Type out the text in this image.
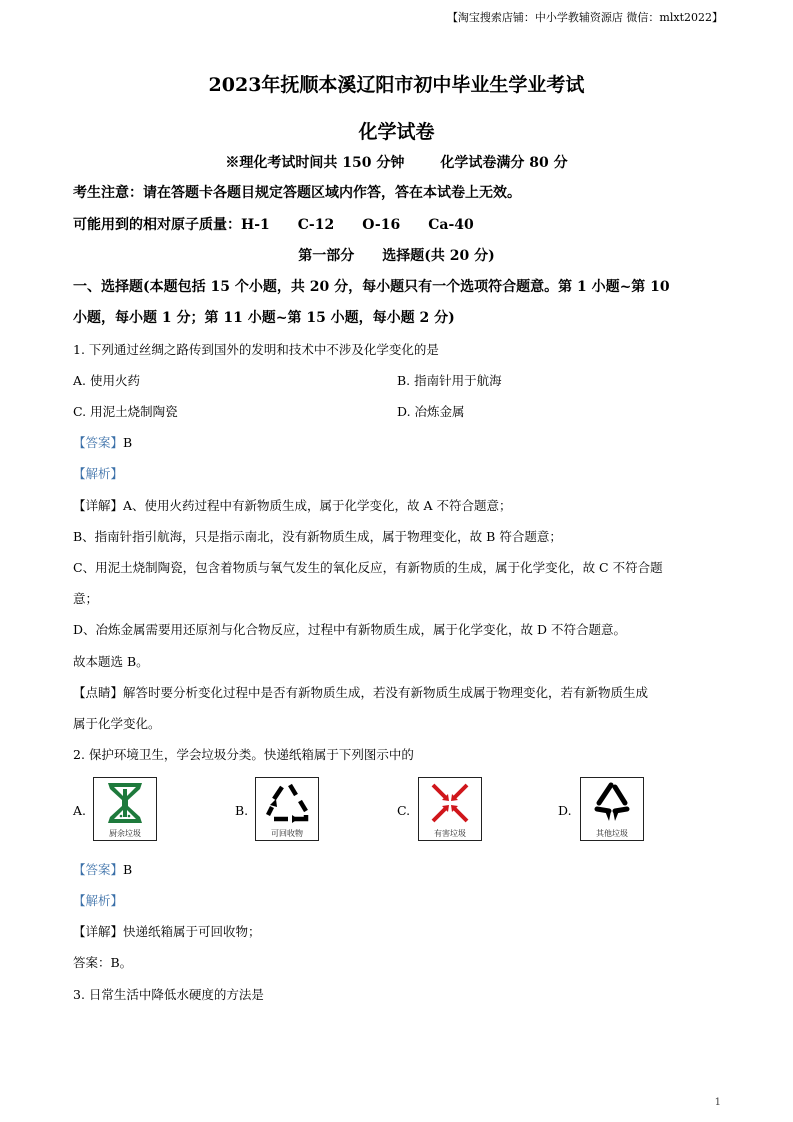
【淘宝搜索店铺：中小学教辅资源店 微信：mlxt2022】
2023年抚顺本溪辽阳市初中毕业生学业考试
化学试卷
※理化考试时间共 150 分钟	化学试卷满分 80 分
考生注意：请在答题卡各题目规定答题区域内作答，答在本试卷上无效。
可能用到的相对原子质量：H-1 C-12 O-16 Ca-40
第一部分 选择题(共 20 分)
一、选择题(本题包括 15 个小题，共 20 分，每小题只有一个选项符合题意。第 1 小题~第 10
小题，每小题 1 分；第 11 小题~第 15 小题，每小题 2 分)
1. 下列通过丝绸之路传到国外的发明和技术中不涉及化学变化的是
A. 使用火药	B. 指南针用于航海
C. 用泥土烧制陶瓷	D. 冶炼金属
【答案】B
【解析】
【详解】A、使用火药过程中有新物质生成，属于化学变化，故 A 不符合题意；
B、指南针指引航海，只是指示南北，没有新物质生成，属于物理变化，故 B 符合题意；
C、用泥土烧制陶瓷，包含着物质与氧气发生的氧化反应，有新物质的生成，属于化学变化，故 C 不符合题
意；
D、冶炼金属需要用还原剂与化合物反应，过程中有新物质生成，属于化学变化，故 D 不符合题意。
故本题选 B。
【点睛】解答时要分析变化过程中是否有新物质生成，若没有新物质生成属于物理变化，若有新物质生成
属于化学变化。
2. 保护环境卫生，学会垃圾分类。快递纸箱属于下列图示中的
A.
厨余垃圾
B.
可回收物
C.
有害垃圾
D.
其他垃圾
【答案】B
【解析】
【详解】快递纸箱属于可回收物；
答案：B。
3. 日常生活中降低水硬度的方法是
1
